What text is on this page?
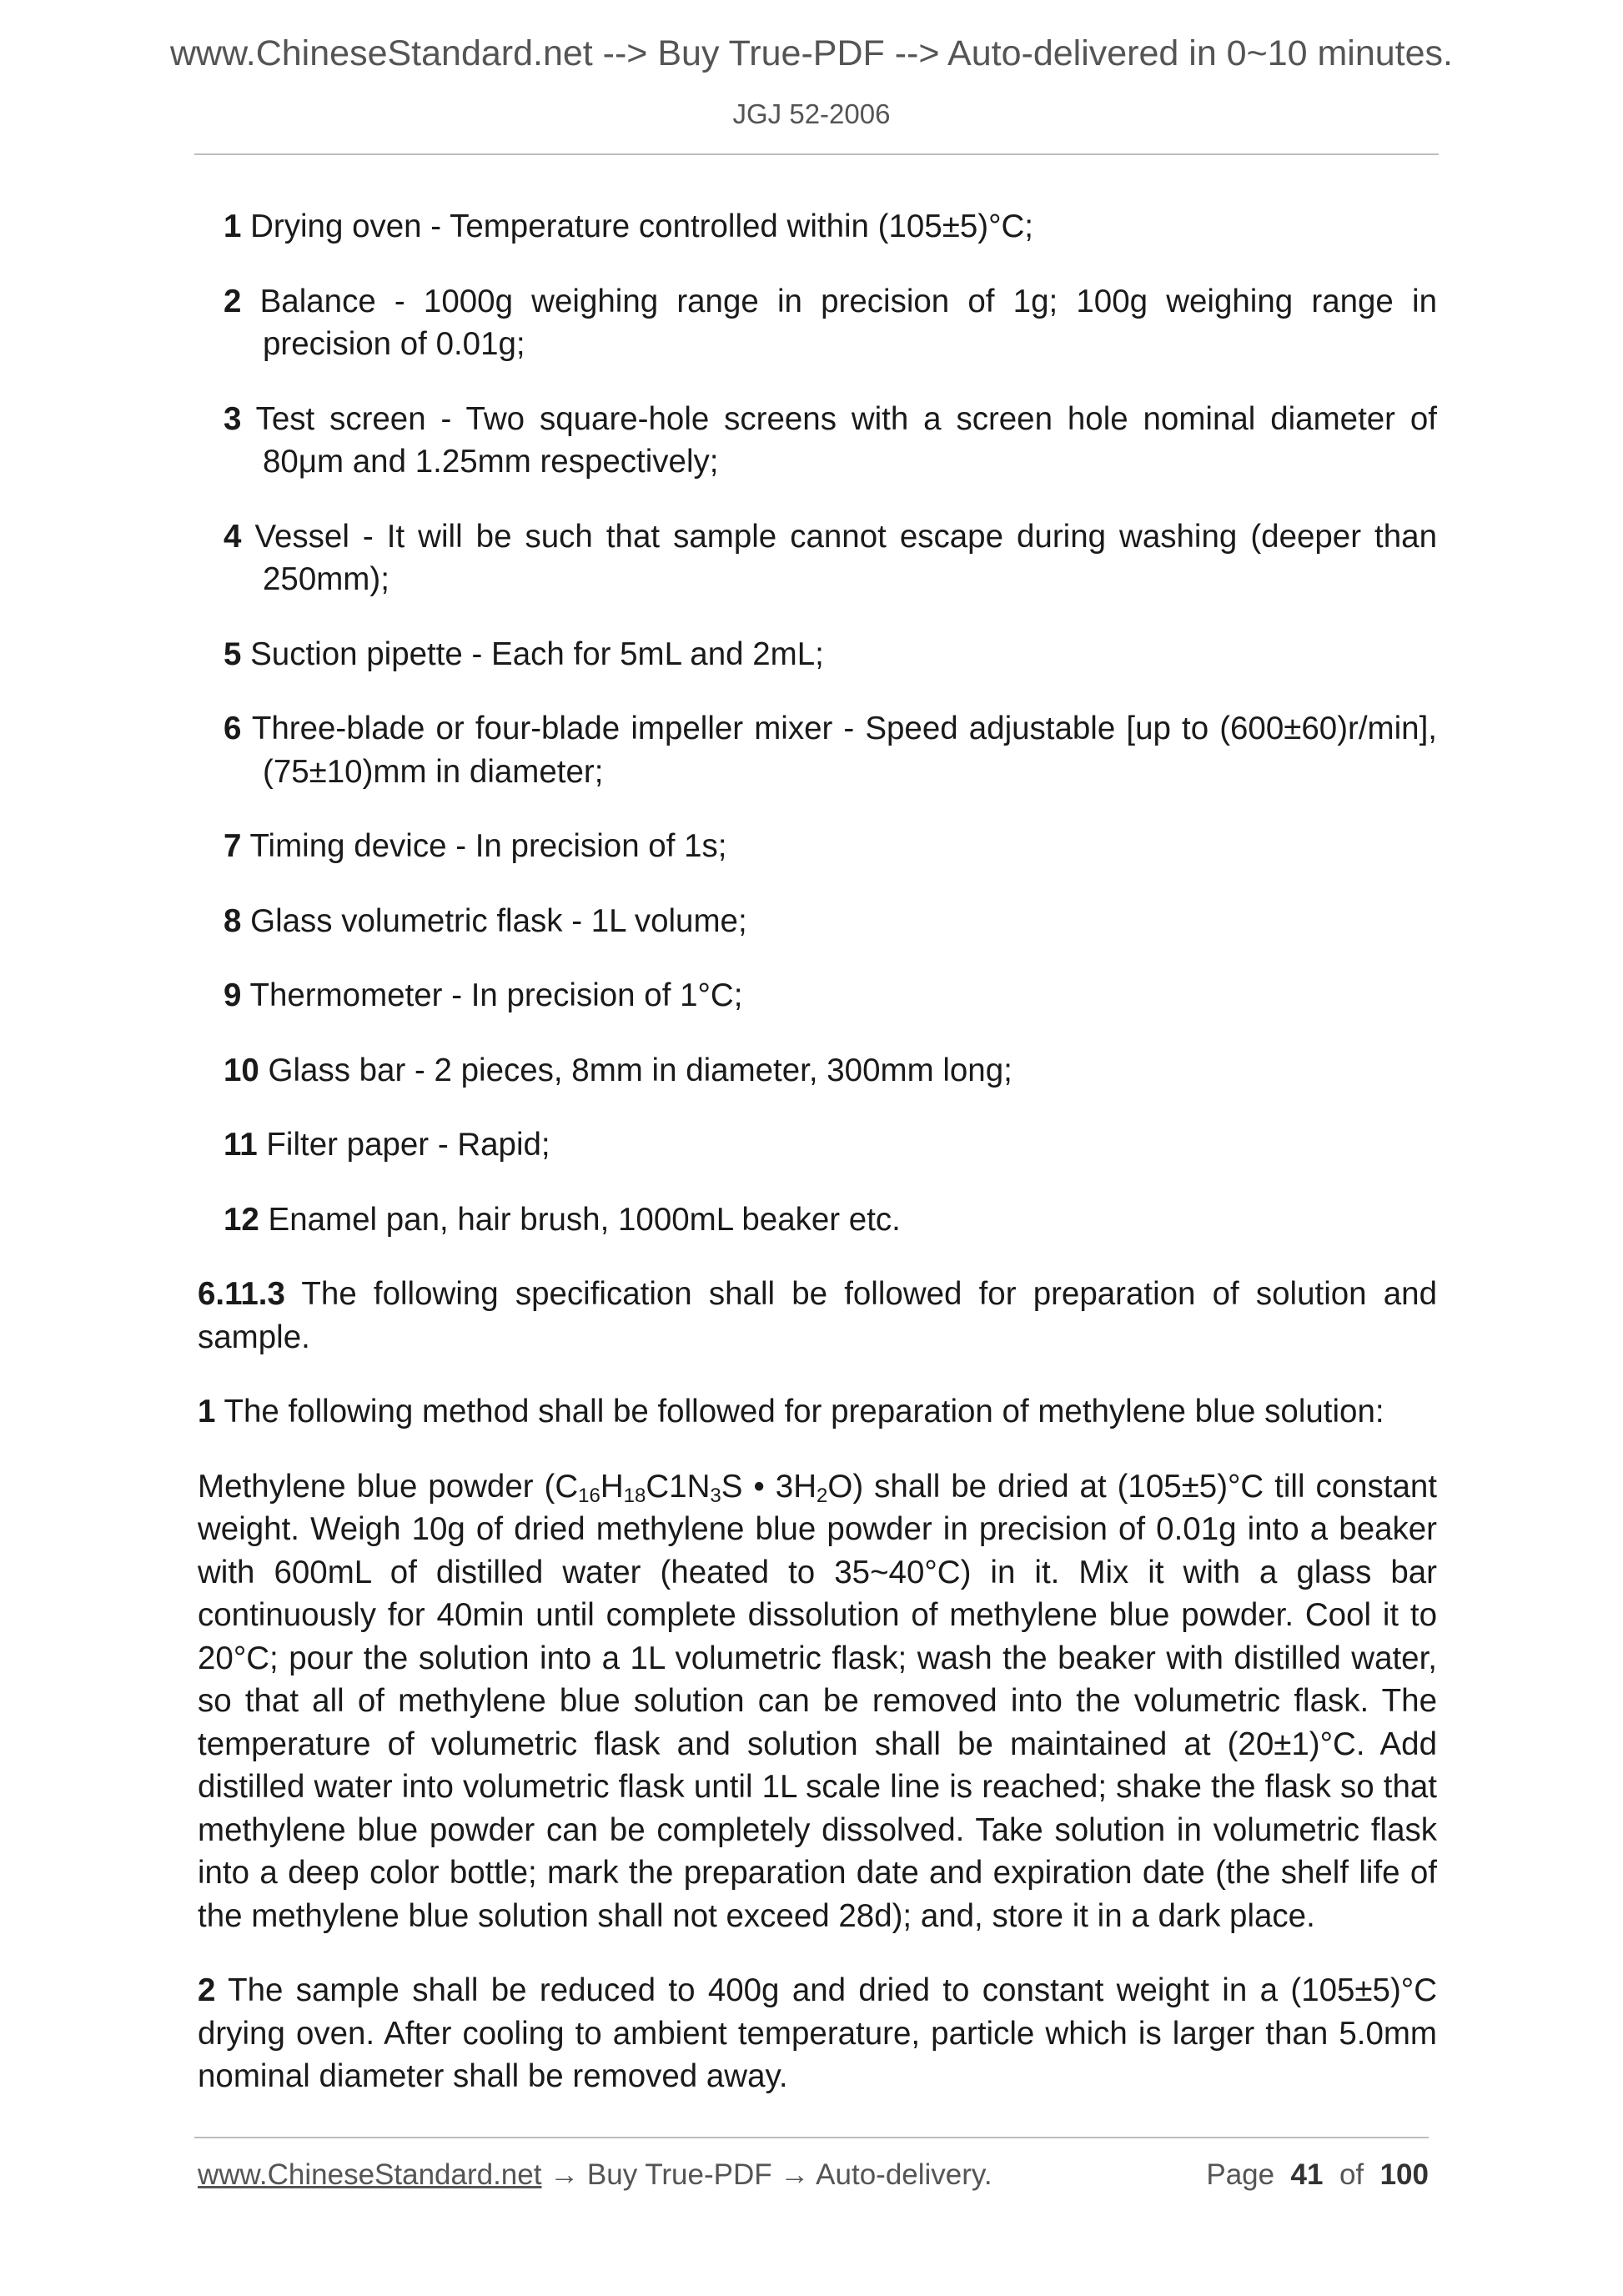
www.ChineseStandard.net --> Buy True-PDF --> Auto-delivered in 0~10 minutes.
JGJ 52-2006
1 Drying oven - Temperature controlled within (105±5)°C;
2 Balance - 1000g weighing range in precision of 1g; 100g weighing range in precision of 0.01g;
3 Test screen - Two square-hole screens with a screen hole nominal diameter of 80μm and 1.25mm respectively;
4 Vessel - It will be such that sample cannot escape during washing (deeper than 250mm);
5 Suction pipette - Each for 5mL and 2mL;
6 Three-blade or four-blade impeller mixer - Speed adjustable [up to (600±60)r/min], (75±10)mm in diameter;
7 Timing device - In precision of 1s;
8 Glass volumetric flask - 1L volume;
9 Thermometer - In precision of 1°C;
10 Glass bar - 2 pieces, 8mm in diameter, 300mm long;
11 Filter paper - Rapid;
12 Enamel pan, hair brush, 1000mL beaker etc.
6.11.3 The following specification shall be followed for preparation of solution and sample.
1 The following method shall be followed for preparation of methylene blue solution:
Methylene blue powder ($C_{16}H_{18}C1N_3S$ • $3H_2O$) shall be dried at (105±5)°C till constant weight. Weigh 10g of dried methylene blue powder in precision of 0.01g into a beaker with 600mL of distilled water (heated to 35~40°C) in it. Mix it with a glass bar continuously for 40min until complete dissolution of methylene blue powder. Cool it to 20°C; pour the solution into a 1L volumetric flask; wash the beaker with distilled water, so that all of methylene blue solution can be removed into the volumetric flask. The temperature of volumetric flask and solution shall be maintained at (20±1)°C. Add distilled water into volumetric flask until 1L scale line is reached; shake the flask so that methylene blue powder can be completely dissolved. Take solution in volumetric flask into a deep color bottle; mark the preparation date and expiration date (the shelf life of the methylene blue solution shall not exceed 28d); and, store it in a dark place.
2 The sample shall be reduced to 400g and dried to constant weight in a (105±5)°C drying oven. After cooling to ambient temperature, particle which is larger than 5.0mm nominal diameter shall be removed away.
www.ChineseStandard.net → Buy True-PDF → Auto-delivery.	Page 41 of 100
